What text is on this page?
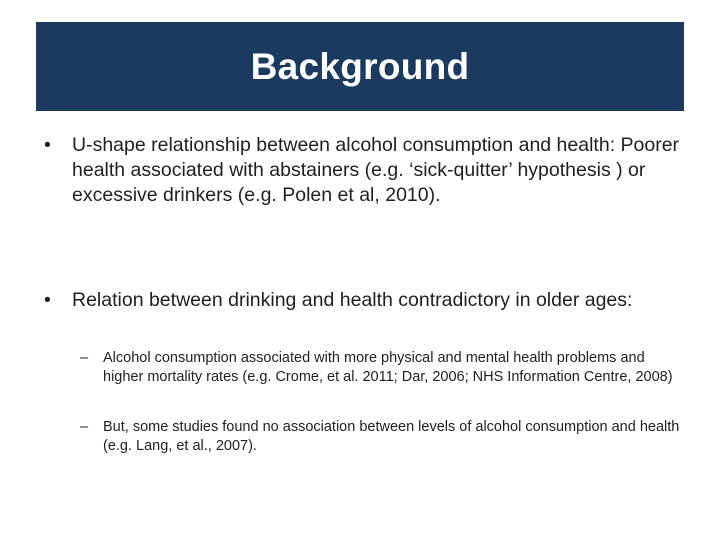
Background
•	U-shape relationship between alcohol consumption and health: Poorer health associated with abstainers (e.g. ‘sick-quitter’ hypothesis ) or excessive drinkers (e.g. Polen et al, 2010).
•	Relation between drinking and health contradictory in older ages:
–	Alcohol consumption associated with more physical and mental health problems and higher mortality rates (e.g. Crome, et al. 2011; Dar, 2006; NHS Information Centre, 2008)
–	But, some studies found no association between levels of alcohol consumption and health (e.g. Lang, et al., 2007).
